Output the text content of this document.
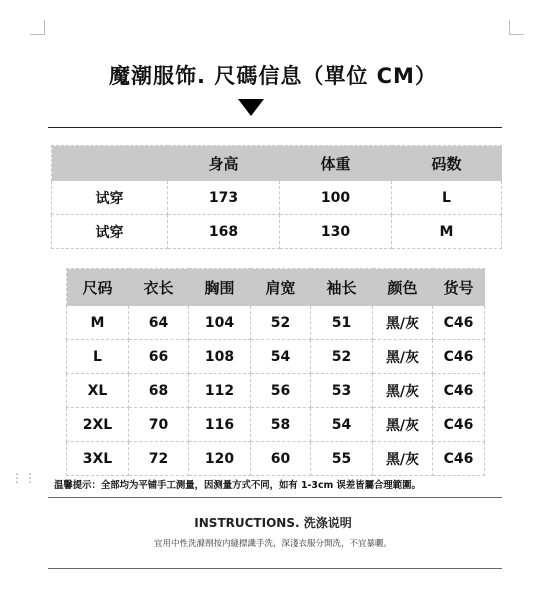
魔潮服饰. 尺碼信息（單位 CM）
	身高	体重	码数
试穿	173	100	L
试穿	168	130	M
尺码	衣长	胸围	肩宽	袖长	颜色	货号
M	64	104	52	51	黑/灰	C46
L	66	108	54	52	黑/灰	C46
XL	68	112	56	53	黑/灰	C46
2XL	70	116	58	54	黑/灰	C46
3XL	72	120	60	55	黑/灰	C46
⋮⋮
温馨提示：全部均为平铺手工测量，因测量方式不同，如有 1-3cm 误差皆屬合理範圍。
INSTRUCTIONS. 洗涤说明
宜用中性洗滌劑按内縫標識手洗，深淺衣服分開洗，不宜暴曬。
